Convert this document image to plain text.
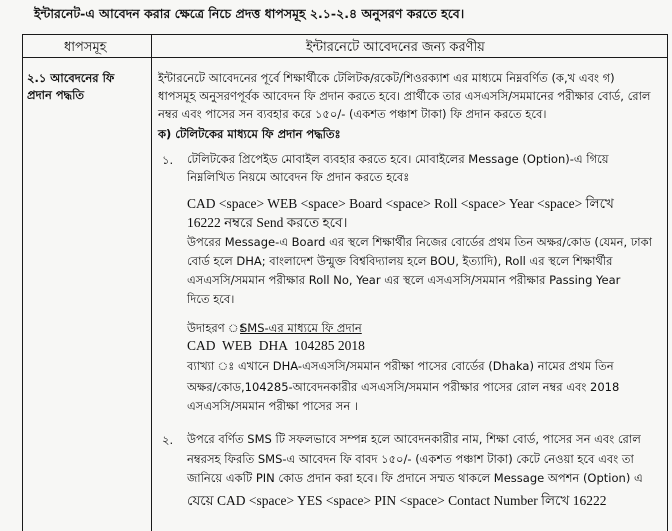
ইন্টারনেট-এ আবেদন করার ক্ষেত্রে নিচে প্রদত্ত ধাপসমূহ ২.১-২.৪ অনুসরণ করতে হবে।
ধাপসমূহ	ইন্টারনেটে আবেদনের জন্য করণীয়
২.১ আবেদনের ফি
প্রদান পদ্ধতি
ইন্টারনেটে আবেদনের পূর্বে শিক্ষার্থীকে টেলিটক/রকেট/শিওরক্যাশ এর মাধ্যমে নিম্নবর্ণিত (ক,খ এবং গ)
ধাপসমূহ অনুসরণপূর্বক আবেদন ফি প্রদান করতে হবে। প্রার্থীকে তার এসএসসি/সমমানের পরীক্ষার বোর্ড, রোল
নম্বর এবং পাসের সন ব্যবহার করে ১৫০/- (একশত পঞ্চাশ টাকা) ফি প্রদান করতে হবে।
ক) টেলিটকের মাধ্যমে ফি প্রদান পদ্ধতিঃ
১. টেলিটকের প্রিপেইড মোবাইল ব্যবহার করতে হবে। মোবাইলের Message (Option)-এ গিয়ে
নিম্নলিখিত নিয়মে আবেদন ফি প্রদান করতে হবেঃ
CAD <space> WEB <space> Board <space> Roll <space> Year <space> লিখে
16222 নম্বরে Send করতে হবে।
উপরের Message-এ Board এর স্থলে শিক্ষার্থীর নিজের বোর্ডের প্রথম তিন অক্ষর/কোড (যেমন, ঢাকা
বোর্ড হলে DHA; বাংলাদেশ উন্মুক্ত বিশ্ববিদ্যালয় হলে BOU, ইত্যাদি), Roll এর স্থলে শিক্ষার্থীর
এসএসসি/সমমান পরীক্ষার Roll No, Year এর স্থলে এসএসসি/সমমান পরীক্ষার Passing Year
দিতে হবে।
উদাহরণ ঃ
SMS-এর মাধ্যমে ফি প্রদান
CAD  WEB  DHA  104285 2018
ব্যাখ্যা ঃ এখানে DHA-এসএসসি/সমমান পরীক্ষা পাসের বোর্ডের (Dhaka) নামের প্রথম তিন
অক্ষর/কোড,104285-আবেদনকারীর এসএসসি/সমমান পরীক্ষার পাসের রোল নম্বর এবং 2018
এসএসসি/সমমান পরীক্ষা পাসের সন ।
২. উপরে বর্ণিত SMS টি সফলভাবে সম্পন্ন হলে আবেদনকারীর নাম, শিক্ষা বোর্ড, পাসের সন এবং রোল
নম্বরসহ ফিরতি SMS-এ আবেদন ফি বাবদ ১৫০/- (একশত পঞ্চাশ টাকা) কেটে নেওয়া হবে এবং তা
জানিয়ে একটি PIN কোড প্রদান করা হবে। ফি প্রদানে সম্মত থাকলে Message অপশন (Option) এ
যেয়ে CAD <space> YES <space> PIN <space> Contact Number লিখে 16222
